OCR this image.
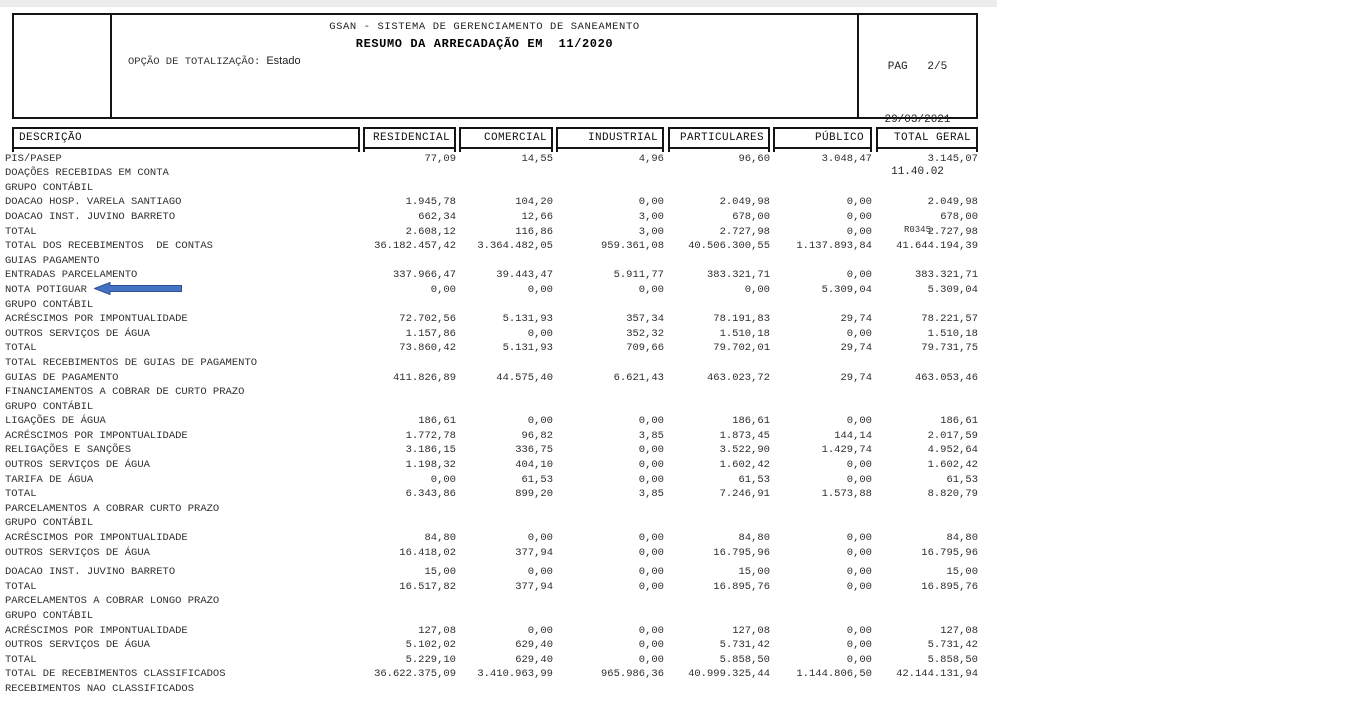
GSAN - SISTEMA DE GERENCIAMENTO DE SANEAMENTO
RESUMO DA ARRECADAÇÃO EM  11/2020
OPÇÃO DE TOTALIZAÇÃO: Estado

	PAG   2/5

29/03/2021

11.40.02

R0345

DESCRIÇÃO	RESIDENCIAL	COMERCIAL	INDUSTRIAL	PARTICULARES	PÚBLICO	TOTAL GERAL
PIS/PASEP	77,09	14,55	4,96	96,60	3.048,47	3.145,07
DOAÇÕES RECEBIDAS EM CONTA						
GRUPO CONTÁBIL						
DOACAO HOSP. VARELA SANTIAGO	1.945,78	104,20	0,00	2.049,98	0,00	2.049,98
DOACAO INST. JUVINO BARRETO	662,34	12,66	3,00	678,00	0,00	678,00
TOTAL	2.608,12	116,86	3,00	2.727,98	0,00	2.727,98
TOTAL DOS RECEBIMENTOS  DE CONTAS	36.182.457,42	3.364.482,05	959.361,08	40.506.300,55	1.137.893,84	41.644.194,39
GUIAS PAGAMENTO						
ENTRADAS PARCELAMENTO	337.966,47	39.443,47	5.911,77	383.321,71	0,00	383.321,71
NOTA POTIGUAR	0,00	0,00	0,00	0,00	5.309,04	5.309,04
GRUPO CONTÁBIL						
ACRÉSCIMOS POR IMPONTUALIDADE	72.702,56	5.131,93	357,34	78.191,83	29,74	78.221,57
OUTROS SERVIÇOS DE ÁGUA	1.157,86	0,00	352,32	1.510,18	0,00	1.510,18
TOTAL	73.860,42	5.131,93	709,66	79.702,01	29,74	79.731,75
TOTAL RECEBIMENTOS DE GUIAS DE PAGAMENTO						
GUIAS DE PAGAMENTO	411.826,89	44.575,40	6.621,43	463.023,72	29,74	463.053,46
FINANCIAMENTOS A COBRAR DE CURTO PRAZO						
GRUPO CONTÁBIL						
LIGAÇÕES DE ÁGUA	186,61	0,00	0,00	186,61	0,00	186,61
ACRÉSCIMOS POR IMPONTUALIDADE	1.772,78	96,82	3,85	1.873,45	144,14	2.017,59
RELIGAÇÕES E SANÇÕES	3.186,15	336,75	0,00	3.522,90	1.429,74	4.952,64
OUTROS SERVIÇOS DE ÁGUA	1.198,32	404,10	0,00	1.602,42	0,00	1.602,42
TARIFA DE ÁGUA	0,00	61,53	0,00	61,53	0,00	61,53
TOTAL	6.343,86	899,20	3,85	7.246,91	1.573,88	8.820,79
PARCELAMENTOS A COBRAR CURTO PRAZO						
GRUPO CONTÁBIL						
ACRÉSCIMOS POR IMPONTUALIDADE	84,80	0,00	0,00	84,80	0,00	84,80
OUTROS SERVIÇOS DE ÁGUA	16.418,02	377,94	0,00	16.795,96	0,00	16.795,96
DOACAO INST. JUVINO BARRETO	15,00	0,00	0,00	15,00	0,00	15,00
TOTAL	16.517,82	377,94	0,00	16.895,76	0,00	16.895,76
PARCELAMENTOS A COBRAR LONGO PRAZO						
GRUPO CONTÁBIL						
ACRÉSCIMOS POR IMPONTUALIDADE	127,08	0,00	0,00	127,08	0,00	127,08
OUTROS SERVIÇOS DE ÁGUA	5.102,02	629,40	0,00	5.731,42	0,00	5.731,42
TOTAL	5.229,10	629,40	0,00	5.858,50	0,00	5.858,50
TOTAL DE RECEBIMENTOS CLASSIFICADOS	36.622.375,09	3.410.963,99	965.986,36	40.999.325,44	1.144.806,50	42.144.131,94
RECEBIMENTOS NAO CLASSIFICADOS						
